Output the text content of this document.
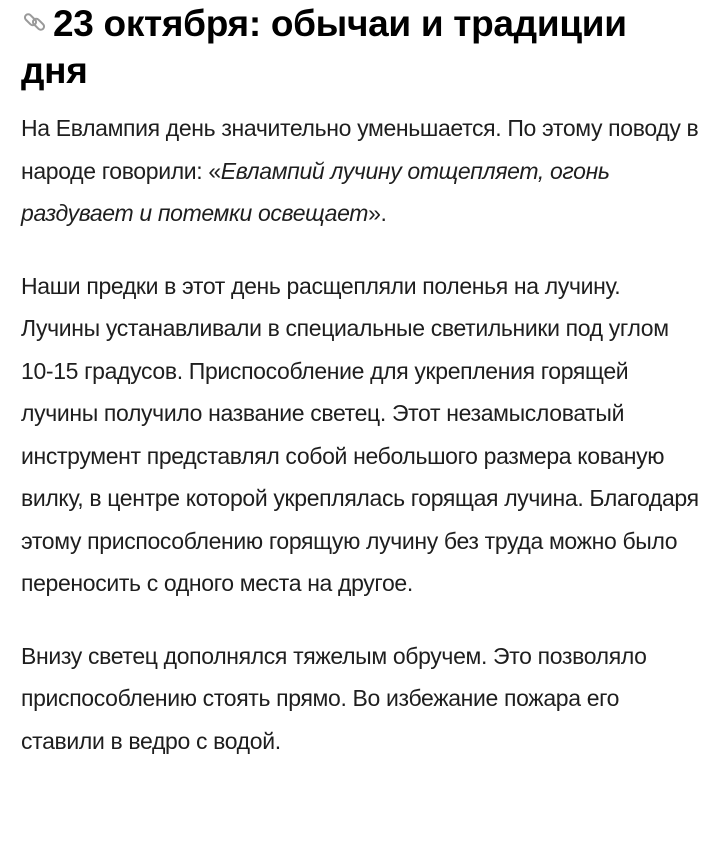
23 октября: обычаи и традиции дня

На Евлампия день значительно уменьшается. По этому поводу в народе говорили: «Евлампий лучину отщепляет, огонь раздувает и потемки освещает».

Наши предки в этот день расщепляли поленья на лучину. Лучины устанавливали в специальные светильники под углом 10-15 градусов. Приспособление для укрепления горящей лучины получило название светец. Этот незамысловатый инструмент представлял собой небольшого размера кованую вилку, в центре которой укреплялась горящая лучина. Благодаря этому приспособлению горящую лучину без труда можно было переносить с одного места на другое.

Внизу светец дополнялся тяжелым обручем. Это позволяло приспособлению стоять прямо. Во избежание пожара его ставили в ведро с водой.
